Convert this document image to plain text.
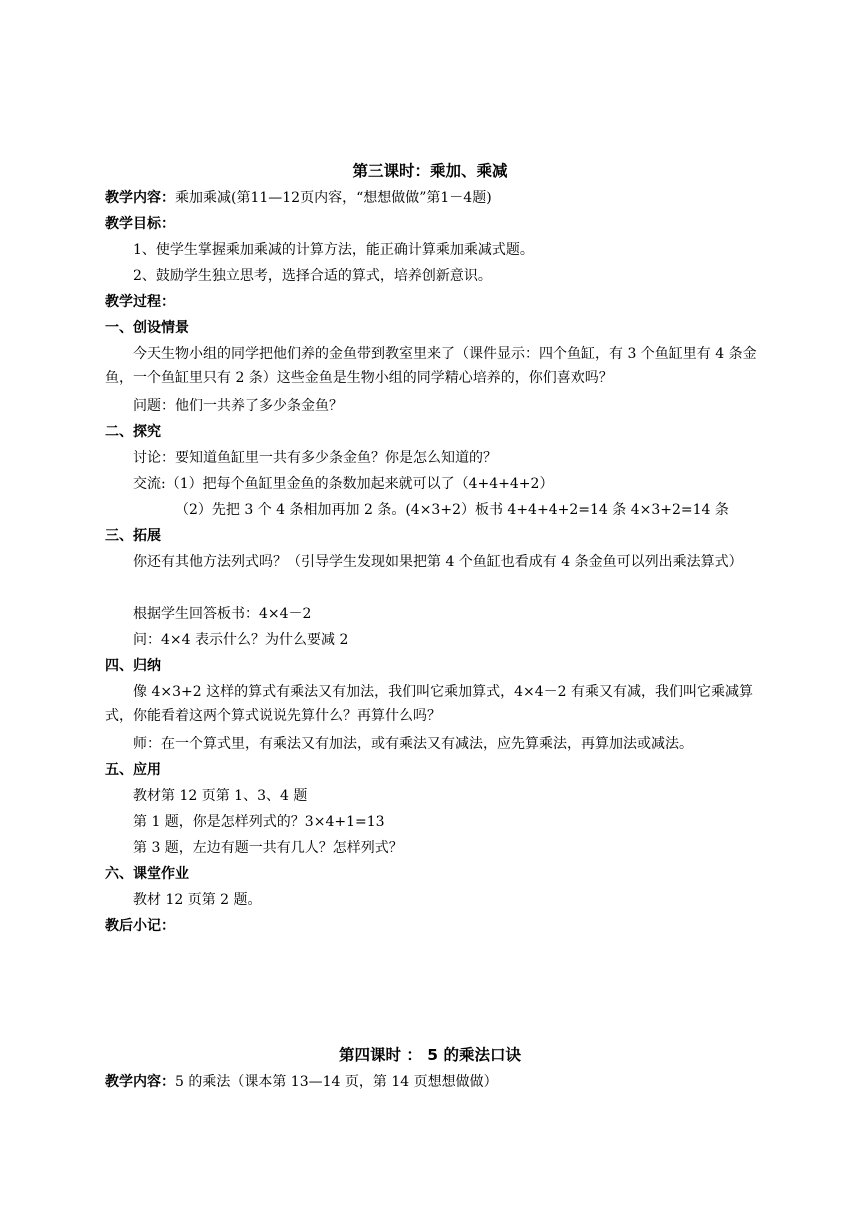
第三课时：乘加、乘减
教学内容：乘加乘减(第11—12页内容，“想想做做”第1－4题)
教学目标：
1、使学生掌握乘加乘减的计算方法，能正确计算乘加乘减式题。
2、鼓励学生独立思考，选择合适的算式，培养创新意识。
教学过程：
一、创设情景
今天生物小组的同学把他们养的金鱼带到教室里来了（课件显示：四个鱼缸，有 3 个鱼缸里有 4 条金鱼，一个鱼缸里只有 2 条）这些金鱼是生物小组的同学精心培养的，你们喜欢吗？
问题：他们一共养了多少条金鱼？
二、探究
讨论：要知道鱼缸里一共有多少条金鱼？你是怎么知道的？
交流:（1）把每个鱼缸里金鱼的条数加起来就可以了（4+4+4+2）
（2）先把 3 个 4 条相加再加 2 条。(4×3+2）板书 4+4+4+2=14 条 4×3+2=14 条
三、拓展
你还有其他方法列式吗？（引导学生发现如果把第 4 个鱼缸也看成有 4 条金鱼可以列出乘法算式）
根据学生回答板书：4×4－2
问：4×4 表示什么？为什么要减 2
四、归纳
像 4×3+2 这样的算式有乘法又有加法，我们叫它乘加算式，4×4－2 有乘又有减，我们叫它乘减算式，你能看着这两个算式说说先算什么？再算什么吗？
师：在一个算式里，有乘法又有加法，或有乘法又有减法，应先算乘法，再算加法或减法。
五、应用
教材第 12 页第 1、3、4 题
第 1 题，你是怎样列式的？3×4+1=13
第 3 题，左边有题一共有几人？怎样列式？
六、课堂作业
教材 12 页第 2 题。
教后小记：
第四课时 ： 5 的乘法口诀
教学内容：5 的乘法（课本第 13—14 页，第 14 页想想做做）
